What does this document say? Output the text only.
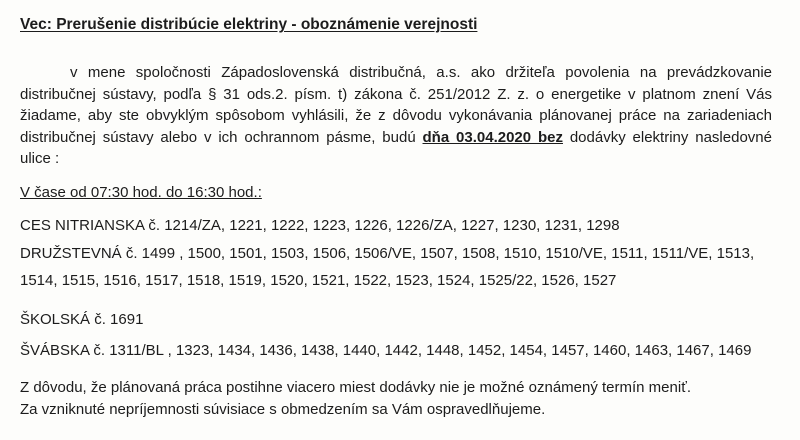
Vec: Prerušenie distribúcie elektriny - oboznámenie verejnosti
v mene spoločnosti Západoslovenská distribučná, a.s. ako držiteľa povolenia na prevádzkovanie distribučnej sústavy, podľa § 31 ods.2. písm. t) zákona č. 251/2012 Z. z. o energetike v platnom znení Vás žiadame, aby ste obvyklým spôsobom vyhlásili, že z dôvodu vykonávania plánovanej práce na zariadeniach distribučnej sústavy alebo v ich ochrannom pásme, budú dňa 03.04.2020 bez dodávky elektriny nasledovné ulice :
V čase od 07:30 hod. do 16:30 hod.:
CES NITRIANSKA č. 1214/ZA, 1221, 1222, 1223, 1226, 1226/ZA, 1227, 1230, 1231, 1298
DRUŽSTEVNÁ č. 1499 , 1500, 1501, 1503, 1506, 1506/VE, 1507, 1508, 1510, 1510/VE, 1511, 1511/VE, 1513,
1514, 1515, 1516, 1517, 1518, 1519, 1520, 1521, 1522, 1523, 1524, 1525/22, 1526, 1527
ŠKOLSKÁ č. 1691
ŠVÁBSKA č. 1311/BL , 1323, 1434, 1436, 1438, 1440, 1442, 1448, 1452, 1454, 1457, 1460, 1463, 1467, 1469
Z dôvodu, že plánovaná práca postihne viacero miest dodávky nie je možné oznámený termín meniť.
Za vzniknuté nepríjemnosti súvisiace s obmedzením sa Vám ospravedlňujeme.
